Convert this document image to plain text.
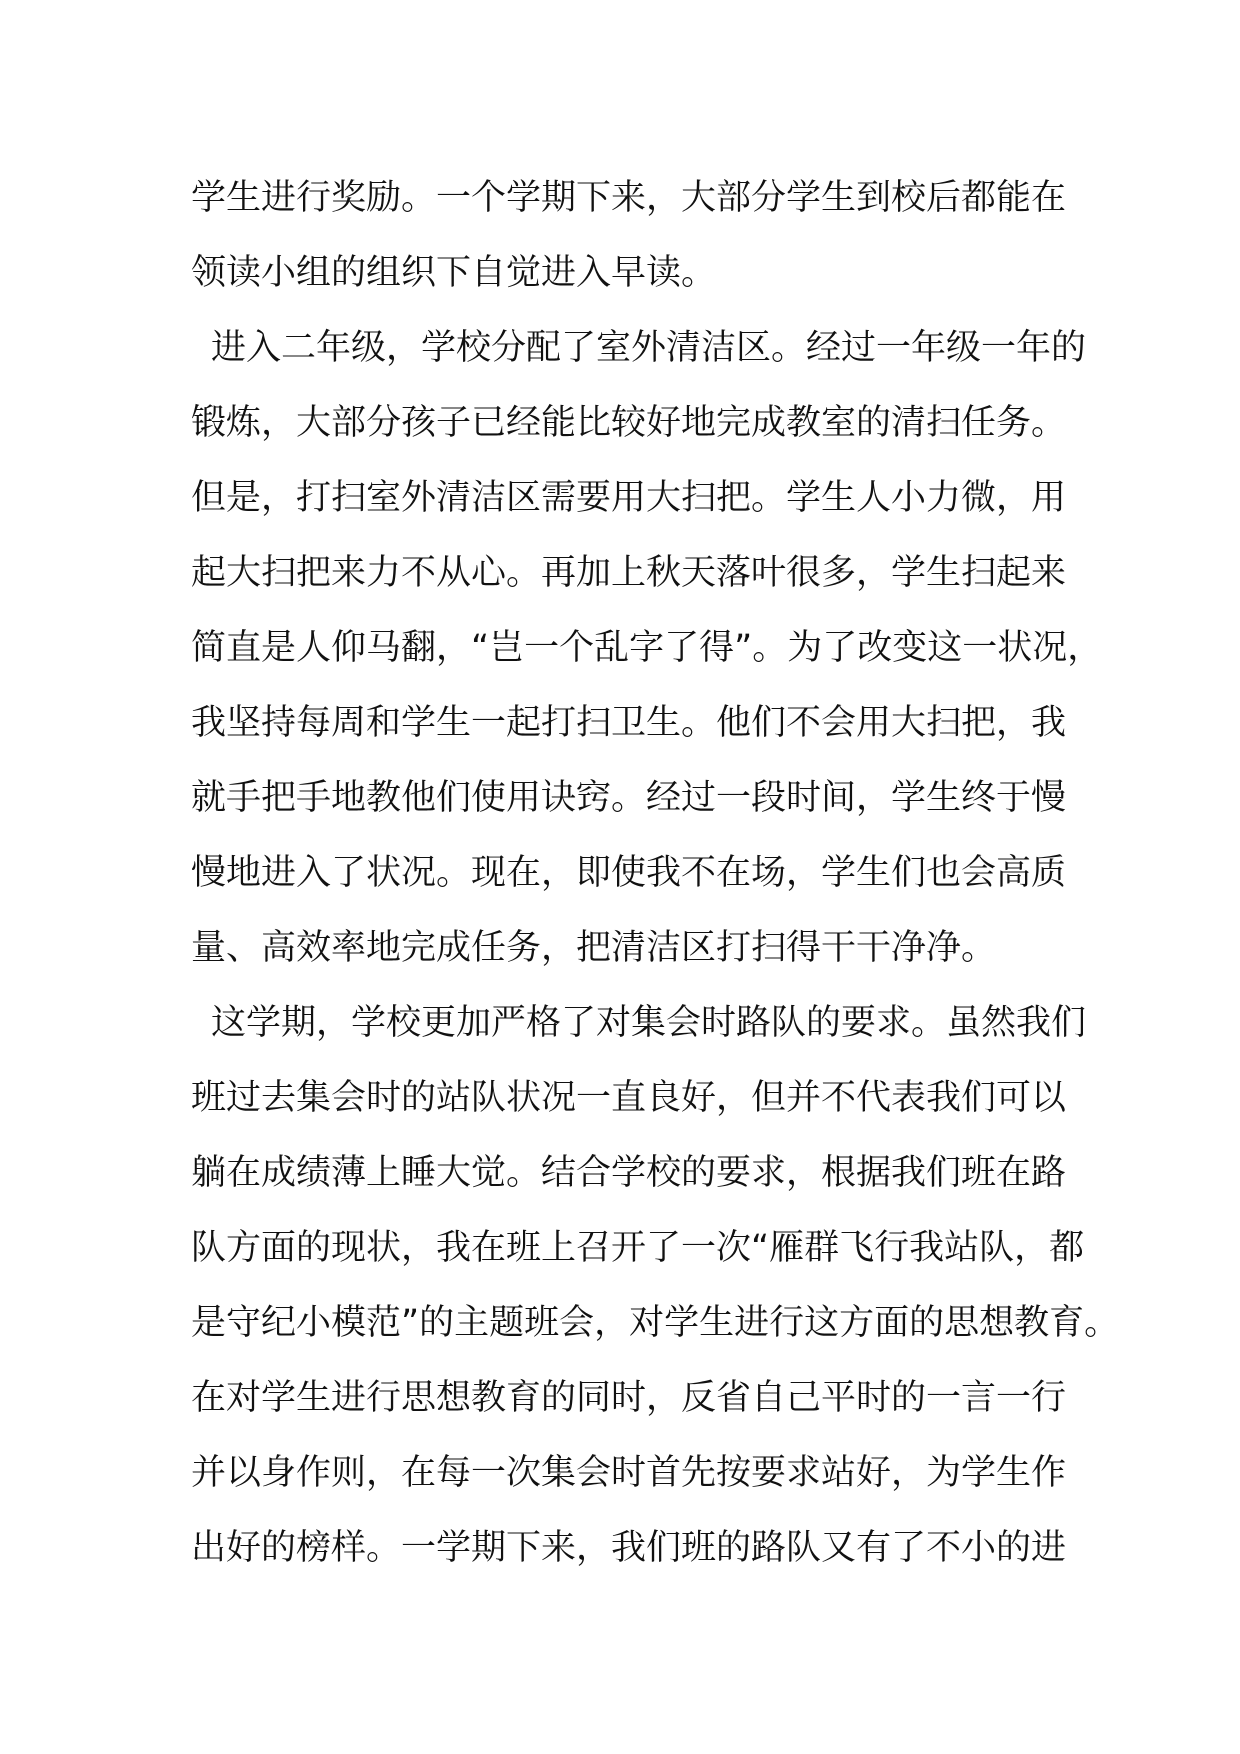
学生进行奖励。一个学期下来，大部分学生到校后都能在
领读小组的组织下自觉进入早读。
进入二年级，学校分配了室外清洁区。经过一年级一年的
锻炼，大部分孩子已经能比较好地完成教室的清扫任务。
但是，打扫室外清洁区需要用大扫把。学生人小力微，用
起大扫把来力不从心。再加上秋天落叶很多，学生扫起来
简直是人仰马翻，“岂一个乱字了得”。为了改变这一状况，
我坚持每周和学生一起打扫卫生。他们不会用大扫把，我
就手把手地教他们使用诀窍。经过一段时间，学生终于慢
慢地进入了状况。现在，即使我不在场，学生们也会高质
量、高效率地完成任务，把清洁区打扫得干干净净。
这学期，学校更加严格了对集会时路队的要求。虽然我们
班过去集会时的站队状况一直良好，但并不代表我们可以
躺在成绩薄上睡大觉。结合学校的要求，根据我们班在路
队方面的现状，我在班上召开了一次“雁群飞行我站队，都
是守纪小模范”的主题班会，对学生进行这方面的思想教育。
在对学生进行思想教育的同时，反省自己平时的一言一行
并以身作则，在每一次集会时首先按要求站好，为学生作
出好的榜样。一学期下来，我们班的路队又有了不小的进
